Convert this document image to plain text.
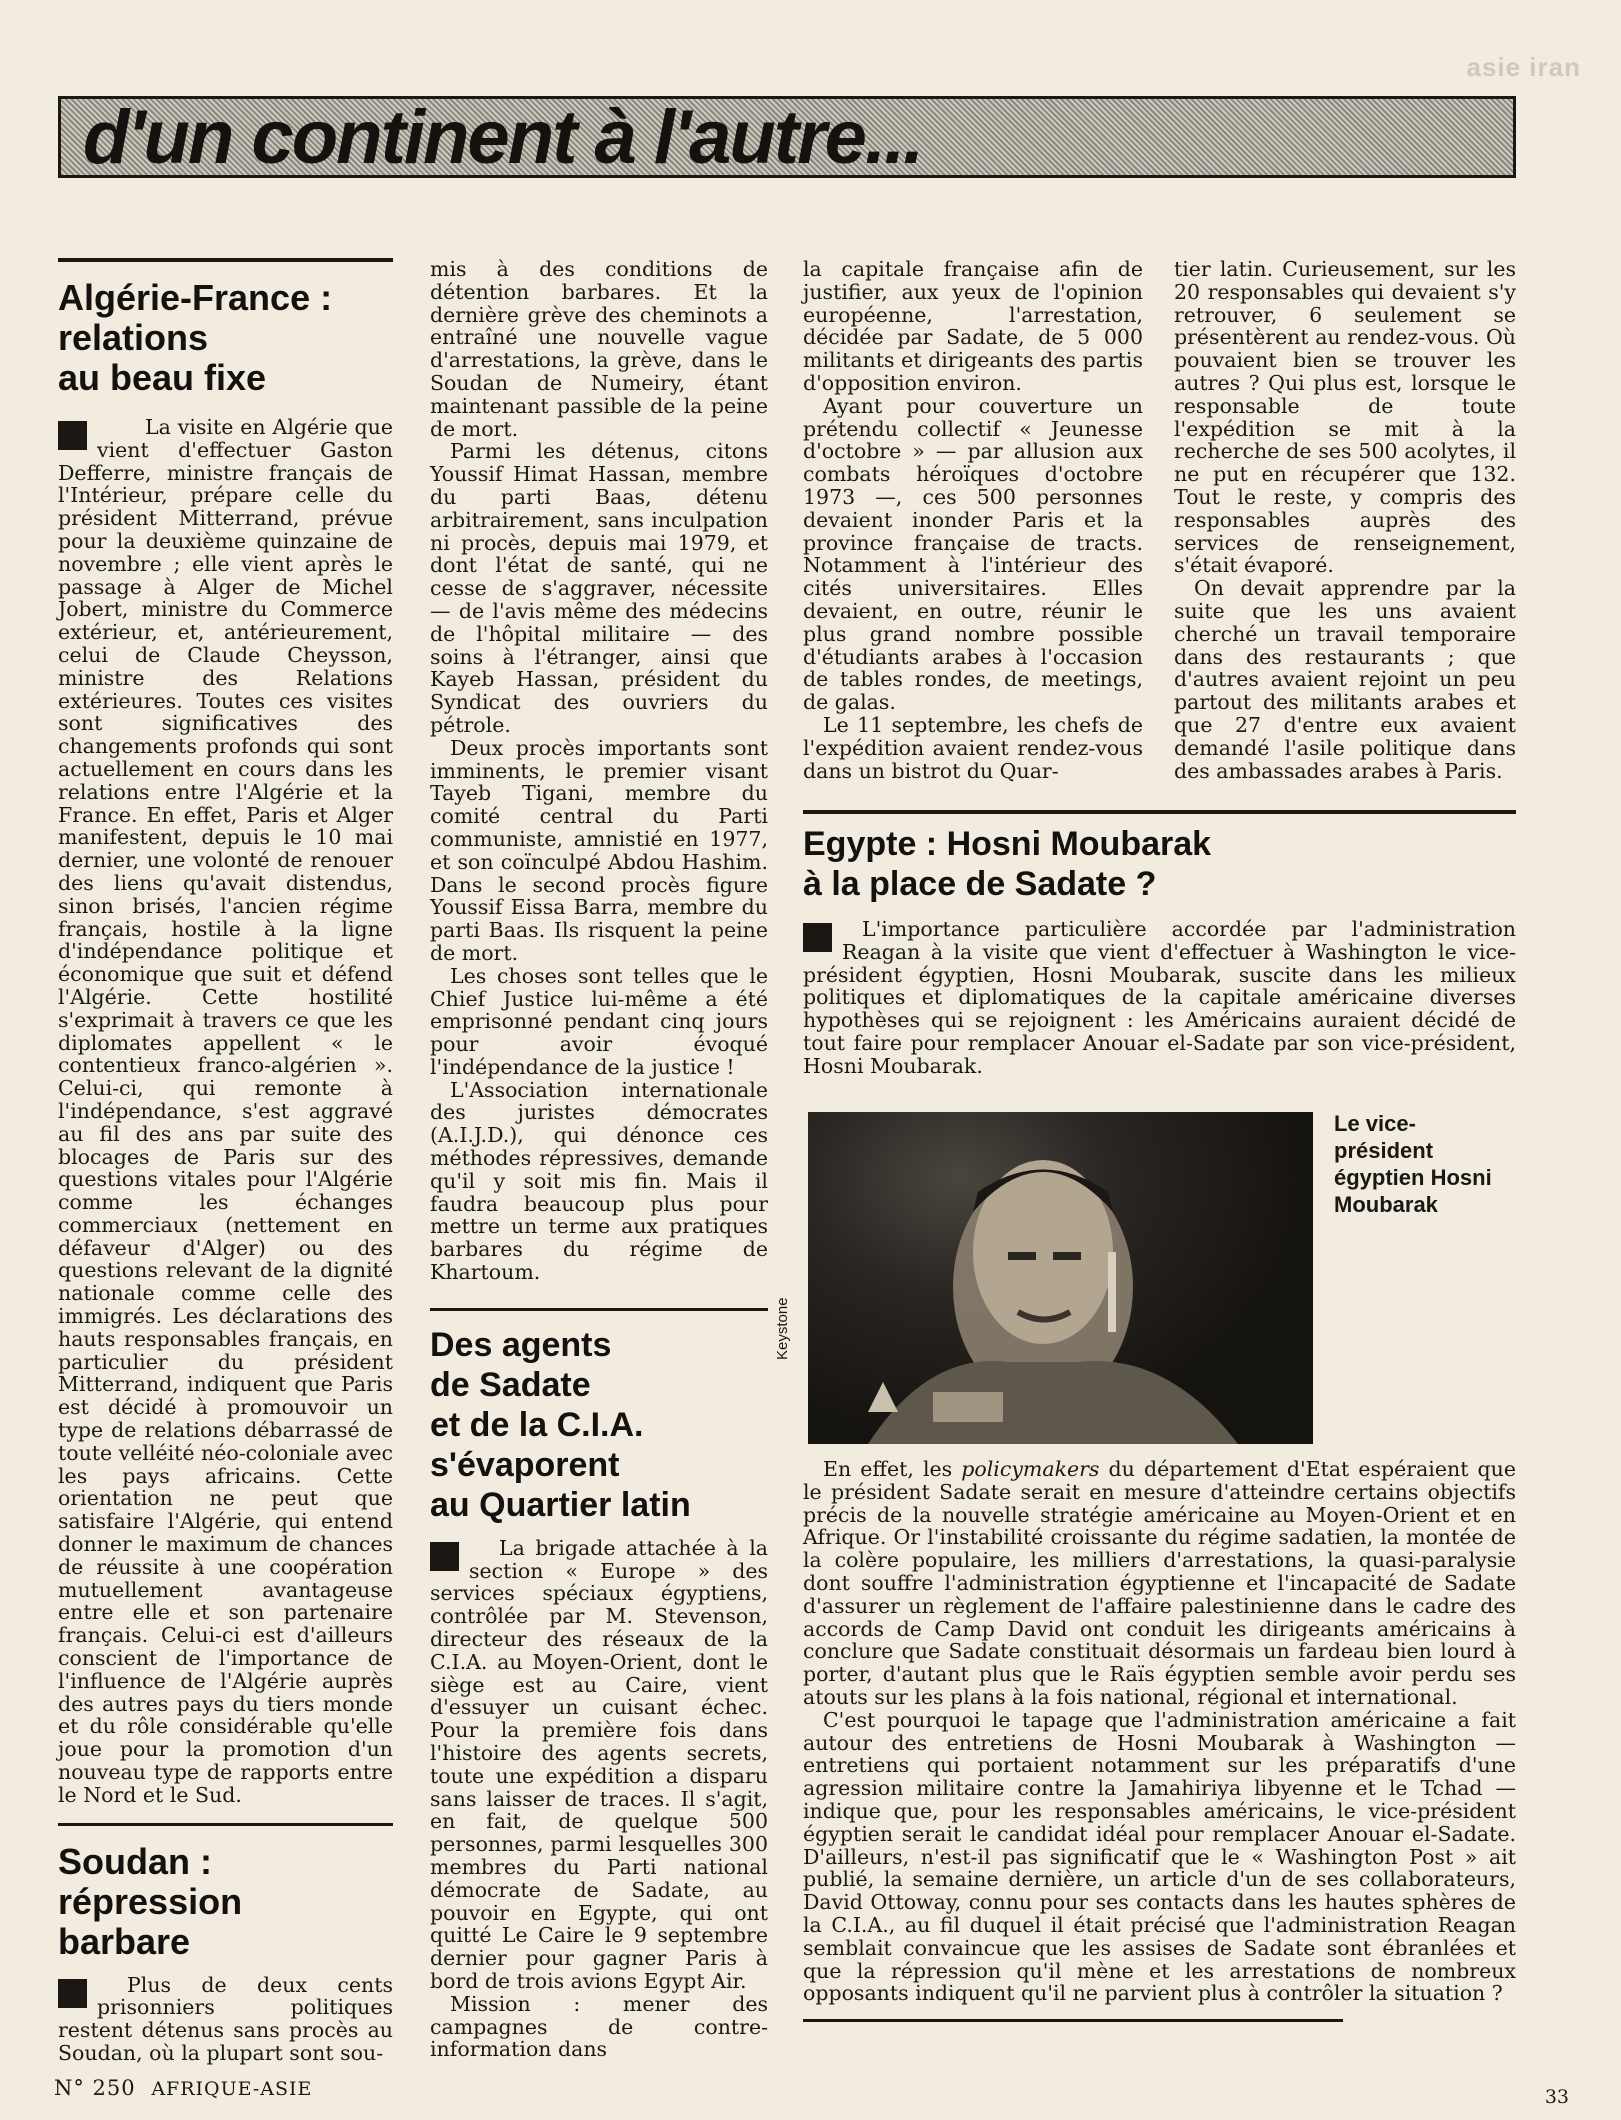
asie iran
d'un continent à l'autre...
Algérie-France :
relations
au beau fixe

La visite en Algérie que vient d'effectuer Gaston Defferre, ministre français de l'Intérieur, prépare celle du président Mitterrand, prévue pour la deuxième quinzaine de novembre ; elle vient après le passage à Alger de Michel Jobert, ministre du Commerce extérieur, et, antérieurement, celui de Claude Cheysson, ministre des Relations extérieures. Toutes ces visites sont significatives des changements profonds qui sont actuellement en cours dans les relations entre l'Algérie et la France. En effet, Paris et Alger manifestent, depuis le 10 mai dernier, une volonté de renouer des liens qu'avait distendus, sinon brisés, l'ancien régime français, hostile à la ligne d'indépendance politique et économique que suit et défend l'Algérie. Cette hostilité s'exprimait à travers ce que les diplomates appellent « le contentieux franco-algérien ». Celui-ci, qui remonte à l'indépendance, s'est aggravé au fil des ans par suite des blocages de Paris sur des questions vitales pour l'Algérie comme les échanges commerciaux (nettement en défaveur d'Alger) ou des questions relevant de la dignité nationale comme celle des immigrés. Les déclarations des hauts responsables français, en particulier du président Mitterrand, indiquent que Paris est décidé à promouvoir un type de relations débarrassé de toute velléité néo-coloniale avec les pays africains. Cette orientation ne peut que satisfaire l'Algérie, qui entend donner le maximum de chances de réussite à une coopération mutuellement avantageuse entre elle et son partenaire français. Celui-ci est d'ailleurs conscient de l'importance de l'influence de l'Algérie auprès des autres pays du tiers monde et du rôle considérable qu'elle joue pour la promotion d'un nouveau type de rapports entre le Nord et le Sud.

Soudan :
répression
barbare

Plus de deux cents prisonniers politiques restent détenus sans procès au Soudan, où la plupart sont sou-

mis à des conditions de détention barbares. Et la dernière grève des cheminots a entraîné une nouvelle vague d'arrestations, la grève, dans le Soudan de Numeiry, étant maintenant passible de la peine de mort.

Parmi les détenus, citons Youssif Himat Hassan, membre du parti Baas, détenu arbitrairement, sans inculpation ni procès, depuis mai 1979, et dont l'état de santé, qui ne cesse de s'aggraver, nécessite — de l'avis même des médecins de l'hôpital militaire — des soins à l'étranger, ainsi que Kayeb Hassan, président du Syndicat des ouvriers du pétrole.

Deux procès importants sont imminents, le premier visant Tayeb Tigani, membre du comité central du Parti communiste, amnistié en 1977, et son coïnculpé Abdou Hashim. Dans le second procès figure Youssif Eissa Barra, membre du parti Baas. Ils risquent la peine de mort.

Les choses sont telles que le Chief Justice lui-même a été emprisonné pendant cinq jours pour avoir évoqué l'indépendance de la justice !

L'Association internationale des juristes démocrates (A.I.J.D.), qui dénonce ces méthodes répressives, demande qu'il y soit mis fin. Mais il faudra beaucoup plus pour mettre un terme aux pratiques barbares du régime de Khartoum.

Des agents
de Sadate
et de la C.I.A.
s'évaporent
au Quartier latin

La brigade attachée à la section « Europe » des services spéciaux égyptiens, contrôlée par M. Stevenson, directeur des réseaux de la C.I.A. au Moyen-Orient, dont le siège est au Caire, vient d'essuyer un cuisant échec. Pour la première fois dans l'histoire des agents secrets, toute une expédition a disparu sans laisser de traces. Il s'agit, en fait, de quelque 500 personnes, parmi lesquelles 300 membres du Parti national démocrate de Sadate, au pouvoir en Egypte, qui ont quitté Le Caire le 9 septembre dernier pour gagner Paris à bord de trois avions Egypt Air.

Mission : mener des campagnes de contre-information dans

la capitale française afin de justifier, aux yeux de l'opinion européenne, l'arrestation, décidée par Sadate, de 5 000 militants et dirigeants des partis d'opposition environ.

Ayant pour couverture un prétendu collectif « Jeunesse d'octobre » — par allusion aux combats héroïques d'octobre 1973 —, ces 500 personnes devaient inonder Paris et la province française de tracts. Notamment à l'intérieur des cités universitaires. Elles devaient, en outre, réunir le plus grand nombre possible d'étudiants arabes à l'occasion de tables rondes, de meetings, de galas.

Le 11 septembre, les chefs de l'expédition avaient rendez-vous dans un bistrot du Quar-

tier latin. Curieusement, sur les 20 responsables qui devaient s'y retrouver, 6 seulement se présentèrent au rendez-vous. Où pouvaient bien se trouver les autres ? Qui plus est, lorsque le responsable de toute l'expédition se mit à la recherche de ses 500 acolytes, il ne put en récupérer que 132. Tout le reste, y compris des responsables auprès des services de renseignement, s'était évaporé.

On devait apprendre par la suite que les uns avaient cherché un travail temporaire dans des restaurants ; que d'autres avaient rejoint un peu partout des militants arabes et que 27 d'entre eux avaient demandé l'asile politique dans des ambassades arabes à Paris.

Egypte : Hosni Moubarak
à la place de Sadate ?

L'importance particulière accordée par l'administration Reagan à la visite que vient d'effectuer à Washington le vice-président égyptien, Hosni Moubarak, suscite dans les milieux politiques et diplomatiques de la capitale américaine diverses hypothèses qui se rejoignent : les Américains auraient décidé de tout faire pour remplacer Anouar el-Sadate par son vice-président, Hosni Moubarak.

Keystone
Le vice-président égyptien Hosni Moubarak

En effet, les policymakers du département d'Etat espéraient que le président Sadate serait en mesure d'atteindre certains objectifs précis de la nouvelle stratégie américaine au Moyen-Orient et en Afrique. Or l'instabilité croissante du régime sadatien, la montée de la colère populaire, les milliers d'arrestations, la quasi-paralysie dont souffre l'administration égyptienne et l'incapacité de Sadate d'assurer un règlement de l'affaire palestinienne dans le cadre des accords de Camp David ont conduit les dirigeants américains à conclure que Sadate constituait désormais un fardeau bien lourd à porter, d'autant plus que le Raïs égyptien semble avoir perdu ses atouts sur les plans à la fois national, régional et international.

C'est pourquoi le tapage que l'administration américaine a fait autour des entretiens de Hosni Moubarak à Washington — entretiens qui portaient notamment sur les préparatifs d'une agression militaire contre la Jamahiriya libyenne et le Tchad — indique que, pour les responsables américains, le vice-président égyptien serait le candidat idéal pour remplacer Anouar el-Sadate. D'ailleurs, n'est-il pas significatif que le « Washington Post » ait publié, la semaine dernière, un article d'un de ses collaborateurs, David Ottoway, connu pour ses contacts dans les hautes sphères de la C.I.A., au fil duquel il était précisé que l'administration Reagan semblait convaincue que les assises de Sadate sont ébranlées et que la répression qu'il mène et les arrestations de nombreux opposants indiquent qu'il ne parvient plus à contrôler la situation ?

N° 250 AFRIQUE-ASIE	33
